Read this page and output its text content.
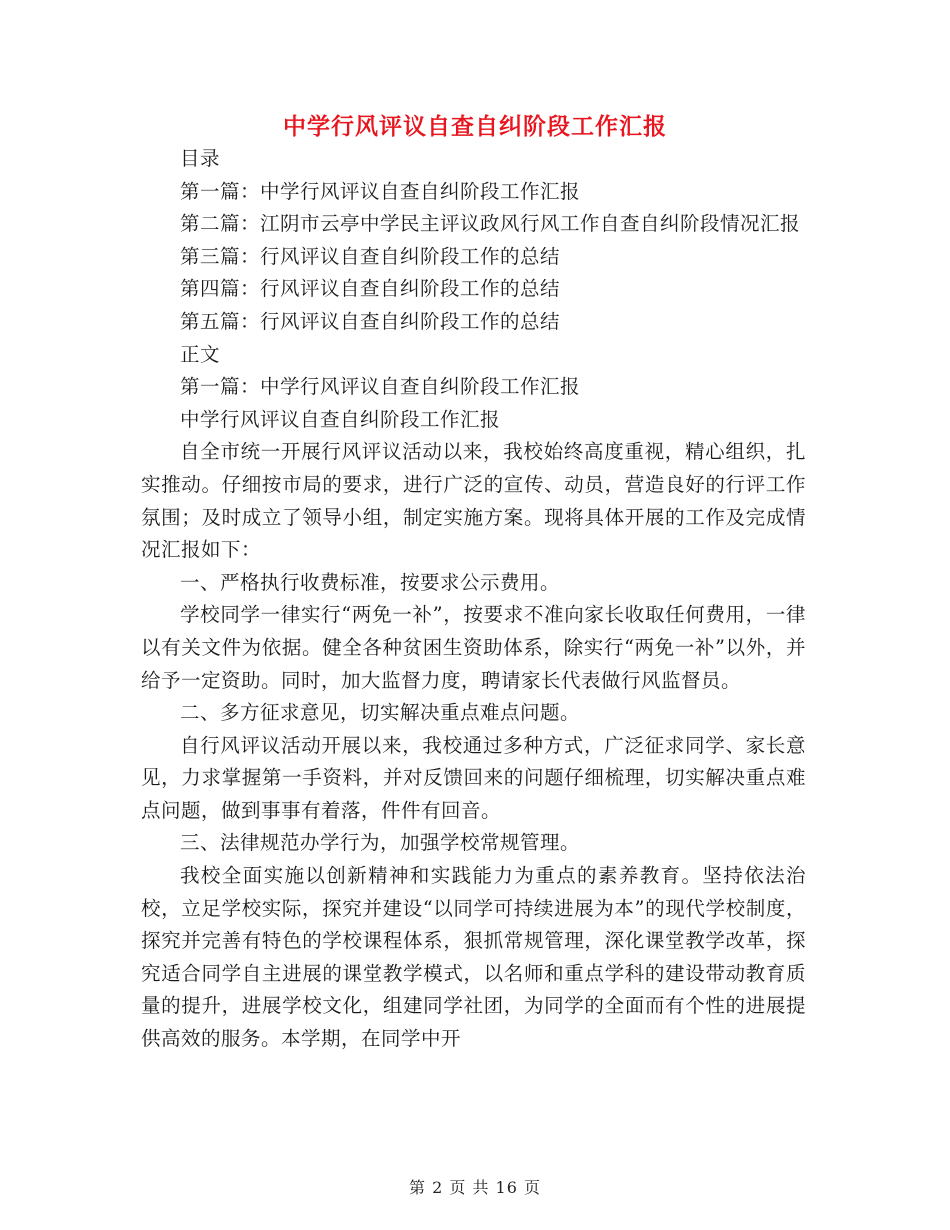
中学行风评议自查自纠阶段工作汇报

目录

第一篇：中学行风评议自查自纠阶段工作汇报

第二篇：江阴市云亭中学民主评议政风行风工作自查自纠阶段情况汇报

第三篇：行风评议自查自纠阶段工作的总结

第四篇：行风评议自查自纠阶段工作的总结

第五篇：行风评议自查自纠阶段工作的总结

正文

第一篇：中学行风评议自查自纠阶段工作汇报

中学行风评议自查自纠阶段工作汇报

自全市统一开展行风评议活动以来，我校始终高度重视，精心组织，扎实推动。仔细按市局的要求，进行广泛的宣传、动员，营造良好的行评工作氛围；及时成立了领导小组，制定实施方案。现将具体开展的工作及完成情况汇报如下：

一、严格执行收费标准，按要求公示费用。

学校同学一律实行“两免一补”，按要求不准向家长收取任何费用，一律以有关文件为依据。健全各种贫困生资助体系，除实行“两免一补”以外，并给予一定资助。同时，加大监督力度，聘请家长代表做行风监督员。

二、多方征求意见，切实解决重点难点问题。

自行风评议活动开展以来，我校通过多种方式，广泛征求同学、家长意见，力求掌握第一手资料，并对反馈回来的问题仔细梳理，切实解决重点难点问题，做到事事有着落，件件有回音。

三、法律规范办学行为，加强学校常规管理。

我校全面实施以创新精神和实践能力为重点的素养教育。坚持依法治校，立足学校实际，探究并建设“以同学可持续进展为本”的现代学校制度，探究并完善有特色的学校课程体系，狠抓常规管理，深化课堂教学改革，探究适合同学自主进展的课堂教学模式，以名师和重点学科的建设带动教育质量的提升，进展学校文化，组建同学社团，为同学的全面而有个性的进展提供高效的服务。本学期，在同学中开

第 2 页 共 16 页
